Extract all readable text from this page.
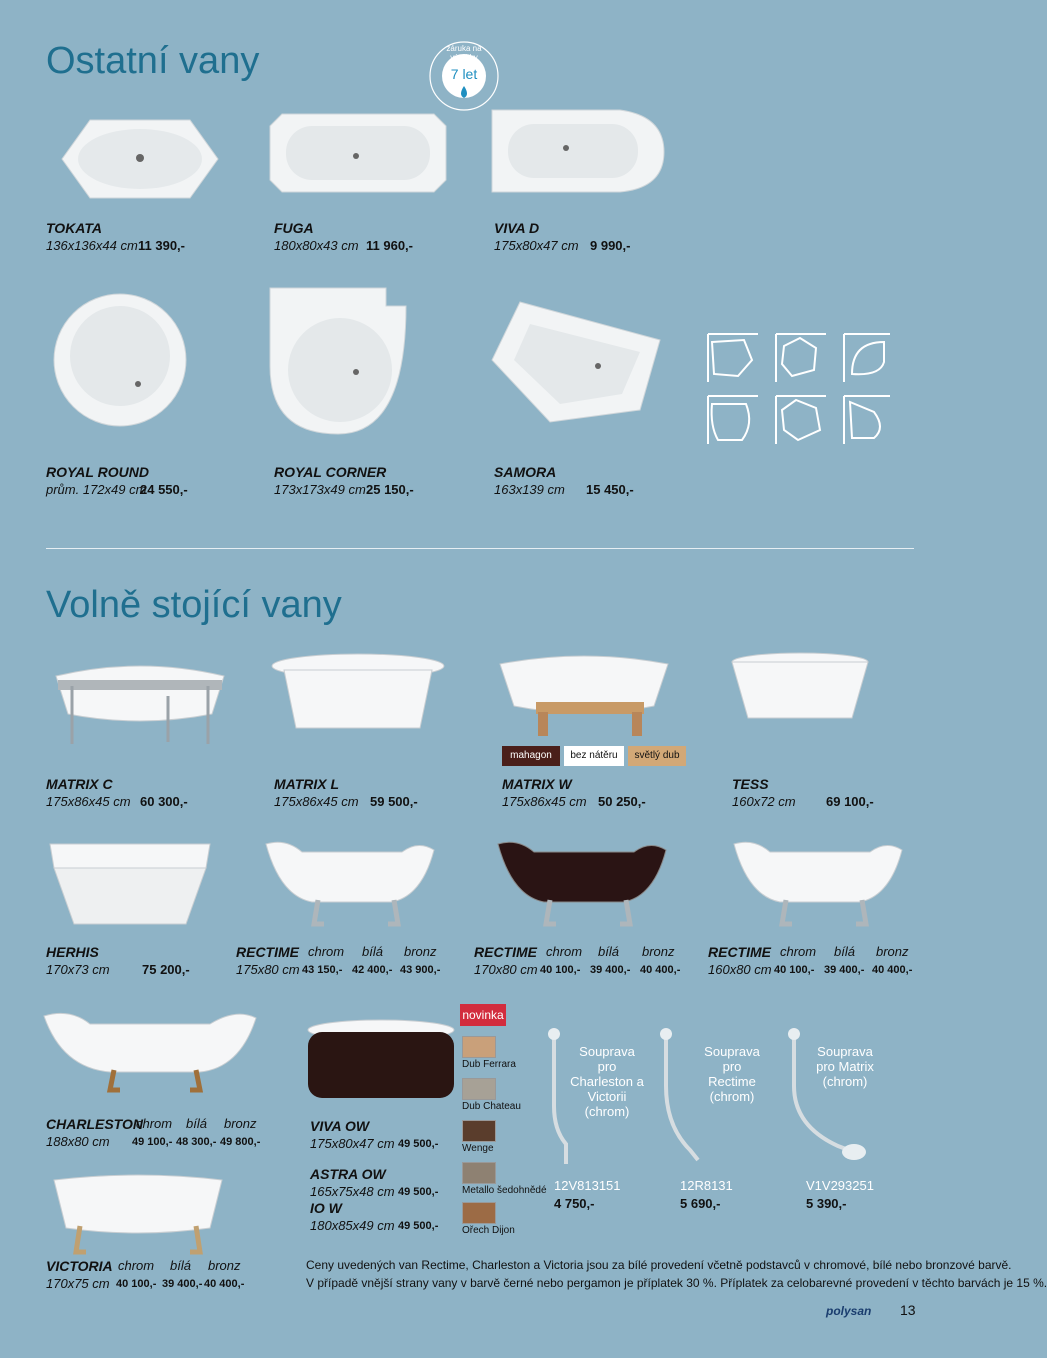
Ostatní vany	záruka na výrobky
7 let
TOKATA
136x136x44 cm 11 390,-
FUGA
180x80x43 cm 11 960,-
VIVA D
175x80x47 cm 9 990,-
ROYAL ROUND
prům. 172x49 cm
24 550,-
ROYAL CORNER
173x173x49 cm 25 150,-
SAMORA
163x139 cm 15 450,-
Volně stojící vany
mahagon	bez nátěru	světlý dub
MATRIX C
175x86x45 cm 60 300,-
MATRIX L
175x86x45 cm 59 500,-
MATRIX W
175x86x45 cm 50 250,-
TESS
160x72 cm 69 100,-
HERHIS
170x73 cm 75 200,-
RECTIME chrom bílá bronz
175x80 cm 43 150,- 42 400,- 43 900,-
RECTIME chrom bílá bronz
170x80 cm 40 100,- 39 400,- 40 400,-
RECTIME chrom bílá bronz
160x80 cm 40 100,- 39 400,- 40 400,-
CHARLESTON
chrom bílá bronz
188x80 cm 49 100,- 48 300,- 49 800,-
VIVA OW
175x80x47 cm 49 500,-
ASTRA OW
165x75x48 cm 49 500,-
IO W
180x85x49 cm 49 500,-
novinka
Dub Ferrara
Dub Chateau
Wenge
Metallo šedohnědé
Ořech Dijon
Souprava pro Charleston a Victorii (chrom)
12V813151
4 750,-
Souprava pro Rectime (chrom)
12R8131
5 690,-
Souprava pro Matrix (chrom)
V1V293251
5 390,-
VICTORIA chrom bílá bronz
170x75 cm 40 100,- 39 400,- 40 400,-
Ceny uvedených van Rectime, Charleston a Victoria jsou za bílé provedení včetně podstavců v chromové, bílé nebo bronzové barvě.
V případě vnější strany vany v barvě černé nebo pergamon je příplatek 30 %. Příplatek za celobarevné provedení v těchto barvách je 15 %.
polysan 13
